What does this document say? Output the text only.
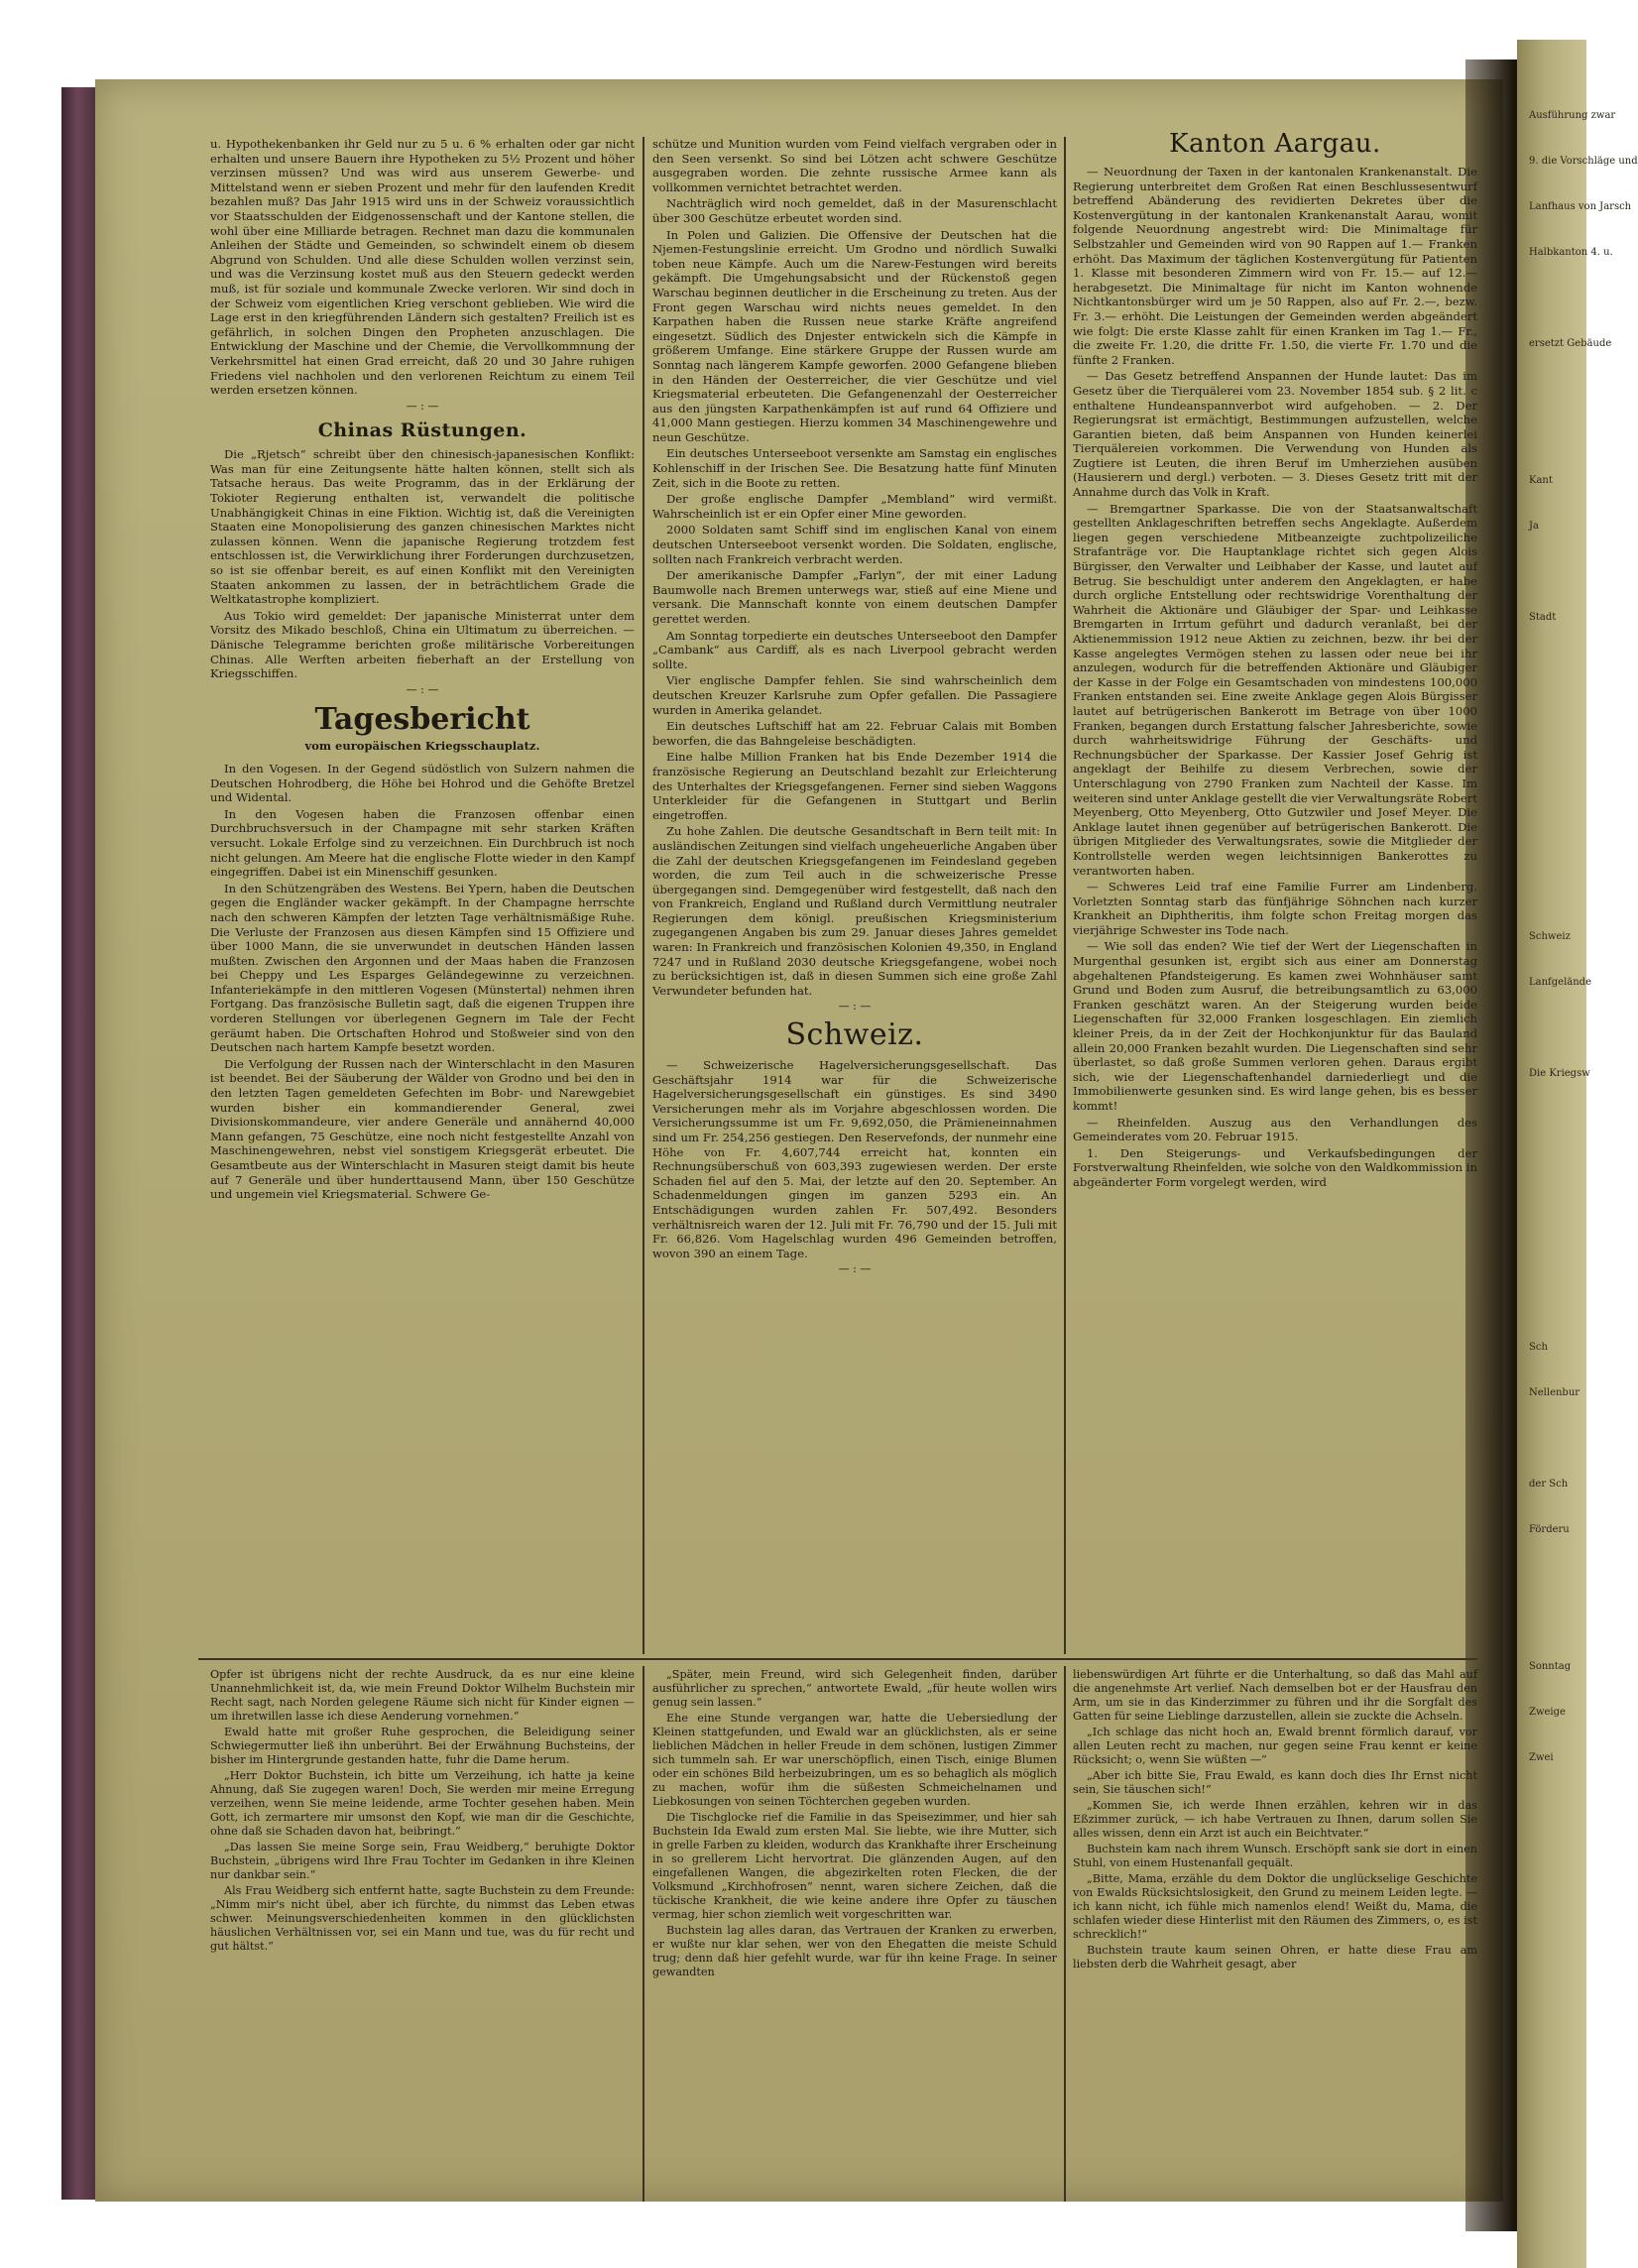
u. Hypothekenbanken ihr Geld nur zu 5 u. 6 % erhalten oder gar nicht erhalten und unsere Bauern ihre Hypotheken zu 5½ Prozent und höher verzinsen müssen? Und was wird aus unserem Gewerbe- und Mittelstand wenn er sieben Prozent und mehr für den laufenden Kredit bezahlen muß? Das Jahr 1915 wird uns in der Schweiz voraussichtlich vor Staatsschulden der Eidgenossenschaft und der Kantone stellen, die wohl über eine Milliarde betragen. Rechnet man dazu die kommunalen Anleihen der Städte und Gemeinden, so schwindelt einem ob diesem Abgrund von Schulden. Und alle diese Schulden wollen verzinst sein, und was die Verzinsung kostet muß aus den Steuern gedeckt werden muß, ist für soziale und kommunale Zwecke verloren. Wir sind doch in der Schweiz vom eigentlichen Krieg verschont geblieben. Wie wird die Lage erst in den kriegführenden Ländern sich gestalten? Freilich ist es gefährlich, in solchen Dingen den Propheten anzuschlagen. Die Entwicklung der Maschine und der Chemie, die Vervollkommnung der Verkehrsmittel hat einen Grad erreicht, daß 20 und 30 Jahre ruhigen Friedens viel nachholen und den verlorenen Reichtum zu einem Teil werden ersetzen können.

— : —
Chinas Rüstungen.

Die „Rjetsch“ schreibt über den chinesisch-japanesischen Konflikt: Was man für eine Zeitungsente hätte halten können, stellt sich als Tatsache heraus. Das weite Programm, das in der Erklärung der Tokioter Regierung enthalten ist, verwandelt die politische Unabhängigkeit Chinas in eine Fiktion. Wichtig ist, daß die Vereinigten Staaten eine Monopolisierung des ganzen chinesischen Marktes nicht zulassen können. Wenn die japanische Regierung trotzdem fest entschlossen ist, die Verwirklichung ihrer Forderungen durchzusetzen, so ist sie offenbar bereit, es auf einen Konflikt mit den Vereinigten Staaten ankommen zu lassen, der in beträchtlichem Grade die Weltkatastrophe kompliziert.

Aus Tokio wird gemeldet: Der japanische Ministerrat unter dem Vorsitz des Mikado beschloß, China ein Ultimatum zu überreichen. — Dänische Telegramme berichten große militärische Vorbereitungen Chinas. Alle Werften arbeiten fieberhaft an der Erstellung von Kriegsschiffen.

— : —
Tagesbericht
vom europäischen Kriegsschauplatz.

In den Vogesen. In der Gegend südöstlich von Sulzern nahmen die Deutschen Hohrodberg, die Höhe bei Hohrod und die Gehöfte Bretzel und Widental.

In den Vogesen haben die Franzosen offenbar einen Durchbruchsversuch in der Champagne mit sehr starken Kräften versucht. Lokale Erfolge sind zu verzeichnen. Ein Durchbruch ist noch nicht gelungen. Am Meere hat die englische Flotte wieder in den Kampf eingegriffen. Dabei ist ein Minenschiff gesunken.

In den Schützengräben des Westens. Bei Ypern, haben die Deutschen gegen die Engländer wacker gekämpft. In der Champagne herrschte nach den schweren Kämpfen der letzten Tage verhältnismäßige Ruhe. Die Verluste der Franzosen aus diesen Kämpfen sind 15 Offiziere und über 1000 Mann, die sie unverwundet in deutschen Händen lassen mußten. Zwischen den Argonnen und der Maas haben die Franzosen bei Cheppy und Les Esparges Geländegewinne zu verzeichnen. Infanteriekämpfe in den mittleren Vogesen (Münstertal) nehmen ihren Fortgang. Das französische Bulletin sagt, daß die eigenen Truppen ihre vorderen Stellungen vor überlegenen Gegnern im Tale der Fecht geräumt haben. Die Ortschaften Hohrod und Stoßweier sind von den Deutschen nach hartem Kampfe besetzt worden.

Die Verfolgung der Russen nach der Winterschlacht in den Masuren ist beendet. Bei der Säuberung der Wälder von Grodno und bei den in den letzten Tagen gemeldeten Gefechten im Bobr- und Narewgebiet wurden bisher ein kommandierender General, zwei Divisionskommandeure, vier andere Generäle und annähernd 40,000 Mann gefangen, 75 Geschütze, eine noch nicht festgestellte Anzahl von Maschinengewehren, nebst viel sonstigem Kriegsgerät erbeutet. Die Gesamtbeute aus der Winterschlacht in Masuren steigt damit bis heute auf 7 Generäle und über hunderttausend Mann, über 150 Geschütze und ungemein viel Kriegsmaterial. Schwere Ge-

schütze und Munition wurden vom Feind vielfach vergraben oder in den Seen versenkt. So sind bei Lötzen acht schwere Geschütze ausgegraben worden. Die zehnte russische Armee kann als vollkommen vernichtet betrachtet werden.

Nachträglich wird noch gemeldet, daß in der Masurenschlacht über 300 Geschütze erbeutet worden sind.

In Polen und Galizien. Die Offensive der Deutschen hat die Njemen-Festungslinie erreicht. Um Grodno und nördlich Suwalki toben neue Kämpfe. Auch um die Narew-Festungen wird bereits gekämpft. Die Umgehungsabsicht und der Rückenstoß gegen Warschau beginnen deutlicher in die Erscheinung zu treten. Aus der Front gegen Warschau wird nichts neues gemeldet. In den Karpathen haben die Russen neue starke Kräfte angreifend eingesetzt. Südlich des Dnjester entwickeln sich die Kämpfe in größerem Umfange. Eine stärkere Gruppe der Russen wurde am Sonntag nach längerem Kampfe geworfen. 2000 Gefangene blieben in den Händen der Oesterreicher, die vier Geschütze und viel Kriegsmaterial erbeuteten. Die Gefangenenzahl der Oesterreicher aus den jüngsten Karpathenkämpfen ist auf rund 64 Offiziere und 41,000 Mann gestiegen. Hierzu kommen 34 Maschinengewehre und neun Geschütze.

Ein deutsches Unterseeboot versenkte am Samstag ein englisches Kohlenschiff in der Irischen See. Die Besatzung hatte fünf Minuten Zeit, sich in die Boote zu retten.

Der große englische Dampfer „Membland“ wird vermißt. Wahrscheinlich ist er ein Opfer einer Mine geworden.

2000 Soldaten samt Schiff sind im englischen Kanal von einem deutschen Unterseeboot versenkt worden. Die Soldaten, englische, sollten nach Frankreich verbracht werden.

Der amerikanische Dampfer „Farlyn“, der mit einer Ladung Baumwolle nach Bremen unterwegs war, stieß auf eine Miene und versank. Die Mannschaft konnte von einem deutschen Dampfer gerettet werden.

Am Sonntag torpedierte ein deutsches Unterseeboot den Dampfer „Cambank“ aus Cardiff, als es nach Liverpool gebracht werden sollte.

Vier englische Dampfer fehlen. Sie sind wahrscheinlich dem deutschen Kreuzer Karlsruhe zum Opfer gefallen. Die Passagiere wurden in Amerika gelandet.

Ein deutsches Luftschiff hat am 22. Februar Calais mit Bomben beworfen, die das Bahngeleise beschädigten.

Eine halbe Million Franken hat bis Ende Dezember 1914 die französische Regierung an Deutschland bezahlt zur Erleichterung des Unterhaltes der Kriegsgefangenen. Ferner sind sieben Waggons Unterkleider für die Gefangenen in Stuttgart und Berlin eingetroffen.

Zu hohe Zahlen. Die deutsche Gesandtschaft in Bern teilt mit: In ausländischen Zeitungen sind vielfach ungeheuerliche Angaben über die Zahl der deutschen Kriegsgefangenen im Feindesland gegeben worden, die zum Teil auch in die schweizerische Presse übergegangen sind. Demgegenüber wird festgestellt, daß nach den von Frankreich, England und Rußland durch Vermittlung neutraler Regierungen dem königl. preußischen Kriegsministerium zugegangenen Angaben bis zum 29. Januar dieses Jahres gemeldet waren: In Frankreich und französischen Kolonien 49,350, in England 7247 und in Rußland 2030 deutsche Kriegsgefangene, wobei noch zu berücksichtigen ist, daß in diesen Summen sich eine große Zahl Verwundeter befunden hat.

— : —
Schweiz.

— Schweizerische Hagelversicherungsgesellschaft. Das Geschäftsjahr 1914 war für die Schweizerische Hagelversicherungsgesellschaft ein günstiges. Es sind 3490 Versicherungen mehr als im Vorjahre abgeschlossen worden. Die Versicherungssumme ist um Fr. 9,692,050, die Prämieneinnahmen sind um Fr. 254,256 gestiegen. Den Reservefonds, der nunmehr eine Höhe von Fr. 4,607,744 erreicht hat, konnten ein Rechnungsüberschuß von 603,393 zugewiesen werden. Der erste Schaden fiel auf den 5. Mai, der letzte auf den 20. September. An Schadenmeldungen gingen im ganzen 5293 ein. An Entschädigungen wurden zahlen Fr. 507,492. Besonders verhältnisreich waren der 12. Juli mit Fr. 76,790 und der 15. Juli mit Fr. 66,826. Vom Hagelschlag wurden 496 Gemeinden betroffen, wovon 390 an einem Tage.

— : —
Kanton Aargau.

— Neuordnung der Taxen in der kantonalen Krankenanstalt. Die Regierung unterbreitet dem Großen Rat einen Beschlussesentwurf betreffend Abänderung des revidierten Dekretes über die Kostenvergütung in der kantonalen Krankenanstalt Aarau, womit folgende Neuordnung angestrebt wird: Die Minimaltage für Selbstzahler und Gemeinden wird von 90 Rappen auf 1.— Franken erhöht. Das Maximum der täglichen Kostenvergütung für Patienten 1. Klasse mit besonderen Zimmern wird von Fr. 15.— auf 12.— herabgesetzt. Die Minimaltage für nicht im Kanton wohnende Nichtkantonsbürger wird um je 50 Rappen, also auf Fr. 2.—, bezw. Fr. 3.— erhöht. Die Leistungen der Gemeinden werden abgeändert wie folgt: Die erste Klasse zahlt für einen Kranken im Tag 1.— Fr., die zweite Fr. 1.20, die dritte Fr. 1.50, die vierte Fr. 1.70 und die fünfte 2 Franken.

— Das Gesetz betreffend Anspannen der Hunde lautet: Das im Gesetz über die Tierquälerei vom 23. November 1854 sub. § 2 lit. c enthaltene Hundeanspannverbot wird aufgehoben. — 2. Der Regierungsrat ist ermächtigt, Bestimmungen aufzustellen, welche Garantien bieten, daß beim Anspannen von Hunden keinerlei Tierquälereien vorkommen. Die Verwendung von Hunden als Zugtiere ist Leuten, die ihren Beruf im Umherziehen ausüben (Hausierern und dergl.) verboten. — 3. Dieses Gesetz tritt mit der Annahme durch das Volk in Kraft.

— Bremgartner Sparkasse. Die von der Staatsanwaltschaft gestellten Anklageschriften betreffen sechs Angeklagte. Außerdem liegen gegen verschiedene Mitbeanzeigte zuchtpolizeiliche Strafanträge vor. Die Hauptanklage richtet sich gegen Alois Bürgisser, den Verwalter und Leibhaber der Kasse, und lautet auf Betrug. Sie beschuldigt unter anderem den Angeklagten, er habe durch orgliche Entstellung oder rechtswidrige Vorenthaltung der Wahrheit die Aktionäre und Gläubiger der Spar- und Leihkasse Bremgarten in Irrtum geführt und dadurch veranlaßt, bei der Aktienemmission 1912 neue Aktien zu zeichnen, bezw. ihr bei der Kasse angelegtes Vermögen stehen zu lassen oder neue bei ihr anzulegen, wodurch für die betreffenden Aktionäre und Gläubiger der Kasse in der Folge ein Gesamtschaden von mindestens 100,000 Franken entstanden sei. Eine zweite Anklage gegen Alois Bürgisser lautet auf betrügerischen Bankerott im Betrage von über 1000 Franken, begangen durch Erstattung falscher Jahresberichte, sowie durch wahrheitswidrige Führung der Geschäfts- und Rechnungsbücher der Sparkasse. Der Kassier Josef Gehrig ist angeklagt der Beihilfe zu diesem Verbrechen, sowie der Unterschlagung von 2790 Franken zum Nachteil der Kasse. Im weiteren sind unter Anklage gestellt die vier Verwaltungsräte Robert Meyenberg, Otto Meyenberg, Otto Gutzwiler und Josef Meyer. Die Anklage lautet ihnen gegenüber auf betrügerischen Bankerott. Die übrigen Mitglieder des Verwaltungsrates, sowie die Mitglieder der Kontrollstelle werden wegen leichtsinnigen Bankerottes zu verantworten haben.

— Schweres Leid traf eine Familie Furrer am Lindenberg. Vorletzten Sonntag starb das fünfjährige Söhnchen nach kurzer Krankheit an Diphtheritis, ihm folgte schon Freitag morgen das vierjährige Schwester ins Tode nach.

— Wie soll das enden? Wie tief der Wert der Liegenschaften in Murgenthal gesunken ist, ergibt sich aus einer am Donnerstag abgehaltenen Pfandsteigerung. Es kamen zwei Wohnhäuser samt Grund und Boden zum Ausruf, die betreibungsamtlich zu 63,000 Franken geschätzt waren. An der Steigerung wurden beide Liegenschaften für 32,000 Franken losgeschlagen. Ein ziemlich kleiner Preis, da in der Zeit der Hochkonjunktur für das Bauland allein 20,000 Franken bezahlt wurden. Die Liegenschaften sind sehr überlastet, so daß große Summen verloren gehen. Daraus ergibt sich, wie der Liegenschaftenhandel darniederliegt und die Immobilienwerte gesunken sind. Es wird lange gehen, bis es besser kommt!

— Rheinfelden. Auszug aus den Verhandlungen des Gemeinderates vom 20. Februar 1915.

1. Den Steigerungs- und Verkaufsbedingungen der Forstverwaltung Rheinfelden, wie solche von den Waldkommission in abgeänderter Form vorgelegt werden, wird

Opfer ist übrigens nicht der rechte Ausdruck, da es nur eine kleine Unannehmlichkeit ist, da, wie mein Freund Doktor Wilhelm Buchstein mir Recht sagt, nach Norden gelegene Räume sich nicht für Kinder eignen — um ihretwillen lasse ich diese Aenderung vornehmen.“

Ewald hatte mit großer Ruhe gesprochen, die Beleidigung seiner Schwiegermutter ließ ihn unberührt. Bei der Erwähnung Buchsteins, der bisher im Hintergrunde gestanden hatte, fuhr die Dame herum.

„Herr Doktor Buchstein, ich bitte um Verzeihung, ich hatte ja keine Ahnung, daß Sie zugegen waren! Doch, Sie werden mir meine Erregung verzeihen, wenn Sie meine leidende, arme Tochter gesehen haben. Mein Gott, ich zermartere mir umsonst den Kopf, wie man dir die Geschichte, ohne daß sie Schaden davon hat, beibringt.“

„Das lassen Sie meine Sorge sein, Frau Weidberg,“ beruhigte Doktor Buchstein, „übrigens wird Ihre Frau Tochter im Gedanken in ihre Kleinen nur dankbar sein.“

Als Frau Weidberg sich entfernt hatte, sagte Buchstein zu dem Freunde: „Nimm mir's nicht übel, aber ich fürchte, du nimmst das Leben etwas schwer. Meinungsverschiedenheiten kommen in den glücklichsten häuslichen Verhältnissen vor, sei ein Mann und tue, was du für recht und gut hältst.“

„Später, mein Freund, wird sich Gelegenheit finden, darüber ausführlicher zu sprechen,“ antwortete Ewald, „für heute wollen wirs genug sein lassen.“

Ehe eine Stunde vergangen war, hatte die Uebersiedlung der Kleinen stattgefunden, und Ewald war an glücklichsten, als er seine lieblichen Mädchen in heller Freude in dem schönen, lustigen Zimmer sich tummeln sah. Er war unerschöpflich, einen Tisch, einige Blumen oder ein schönes Bild herbeizubringen, um es so behaglich als möglich zu machen, wofür ihm die süßesten Schmeichelnamen und Liebkosungen von seinen Töchterchen gegeben wurden.

Die Tischglocke rief die Familie in das Speisezimmer, und hier sah Buchstein Ida Ewald zum ersten Mal. Sie liebte, wie ihre Mutter, sich in grelle Farben zu kleiden, wodurch das Krankhafte ihrer Erscheinung in so grellerem Licht hervortrat. Die glänzenden Augen, auf den eingefallenen Wangen, die abgezirkelten roten Flecken, die der Volksmund „Kirchhofrosen“ nennt, waren sichere Zeichen, daß die tückische Krankheit, die wie keine andere ihre Opfer zu täuschen vermag, hier schon ziemlich weit vorgeschritten war.

Buchstein lag alles daran, das Vertrauen der Kranken zu erwerben, er wußte nur klar sehen, wer von den Ehegatten die meiste Schuld trug; denn daß hier gefehlt wurde, war für ihn keine Frage. In seiner gewandten

liebenswürdigen Art führte er die Unterhaltung, so daß das Mahl auf die angenehmste Art verlief. Nach demselben bot er der Hausfrau den Arm, um sie in das Kinderzimmer zu führen und ihr die Sorgfalt des Gatten für seine Lieblinge darzustellen, allein sie zuckte die Achseln.

„Ich schlage das nicht hoch an, Ewald brennt förmlich darauf, vor allen Leuten recht zu machen, nur gegen seine Frau kennt er keine Rücksicht; o, wenn Sie wüßten —“

„Aber ich bitte Sie, Frau Ewald, es kann doch dies Ihr Ernst nicht sein, Sie täuschen sich!“

„Kommen Sie, ich werde Ihnen erzählen, kehren wir in das Eßzimmer zurück, — ich habe Vertrauen zu Ihnen, darum sollen Sie alles wissen, denn ein Arzt ist auch ein Beichtvater.“

Buchstein kam nach ihrem Wunsch. Erschöpft sank sie dort in einen Stuhl, von einem Hustenanfall gequält.

„Bitte, Mama, erzähle du dem Doktor die unglückselige Geschichte von Ewalds Rücksichtslosigkeit, den Grund zu meinem Leiden legte. — ich kann nicht, ich fühle mich namenlos elend! Weißt du, Mama, die schlafen wieder diese Hinterlist mit den Räumen des Zimmers, o, es ist schrecklich!“

Buchstein traute kaum seinen Ohren, er hatte diese Frau am liebsten derb die Wahrheit gesagt, aber

Ausführung zwar
9. die Vorschläge und
Lanfhaus von Jarsch
Halbkanton 4. u.
ersetzt Gebäude
Kant
Ja
Stadt
Schweiz
Lanfgelände
Die Kriegsw
Sch
Nellenbur
der Sch
Förderu
Sonntag
Zweige
Zwei
